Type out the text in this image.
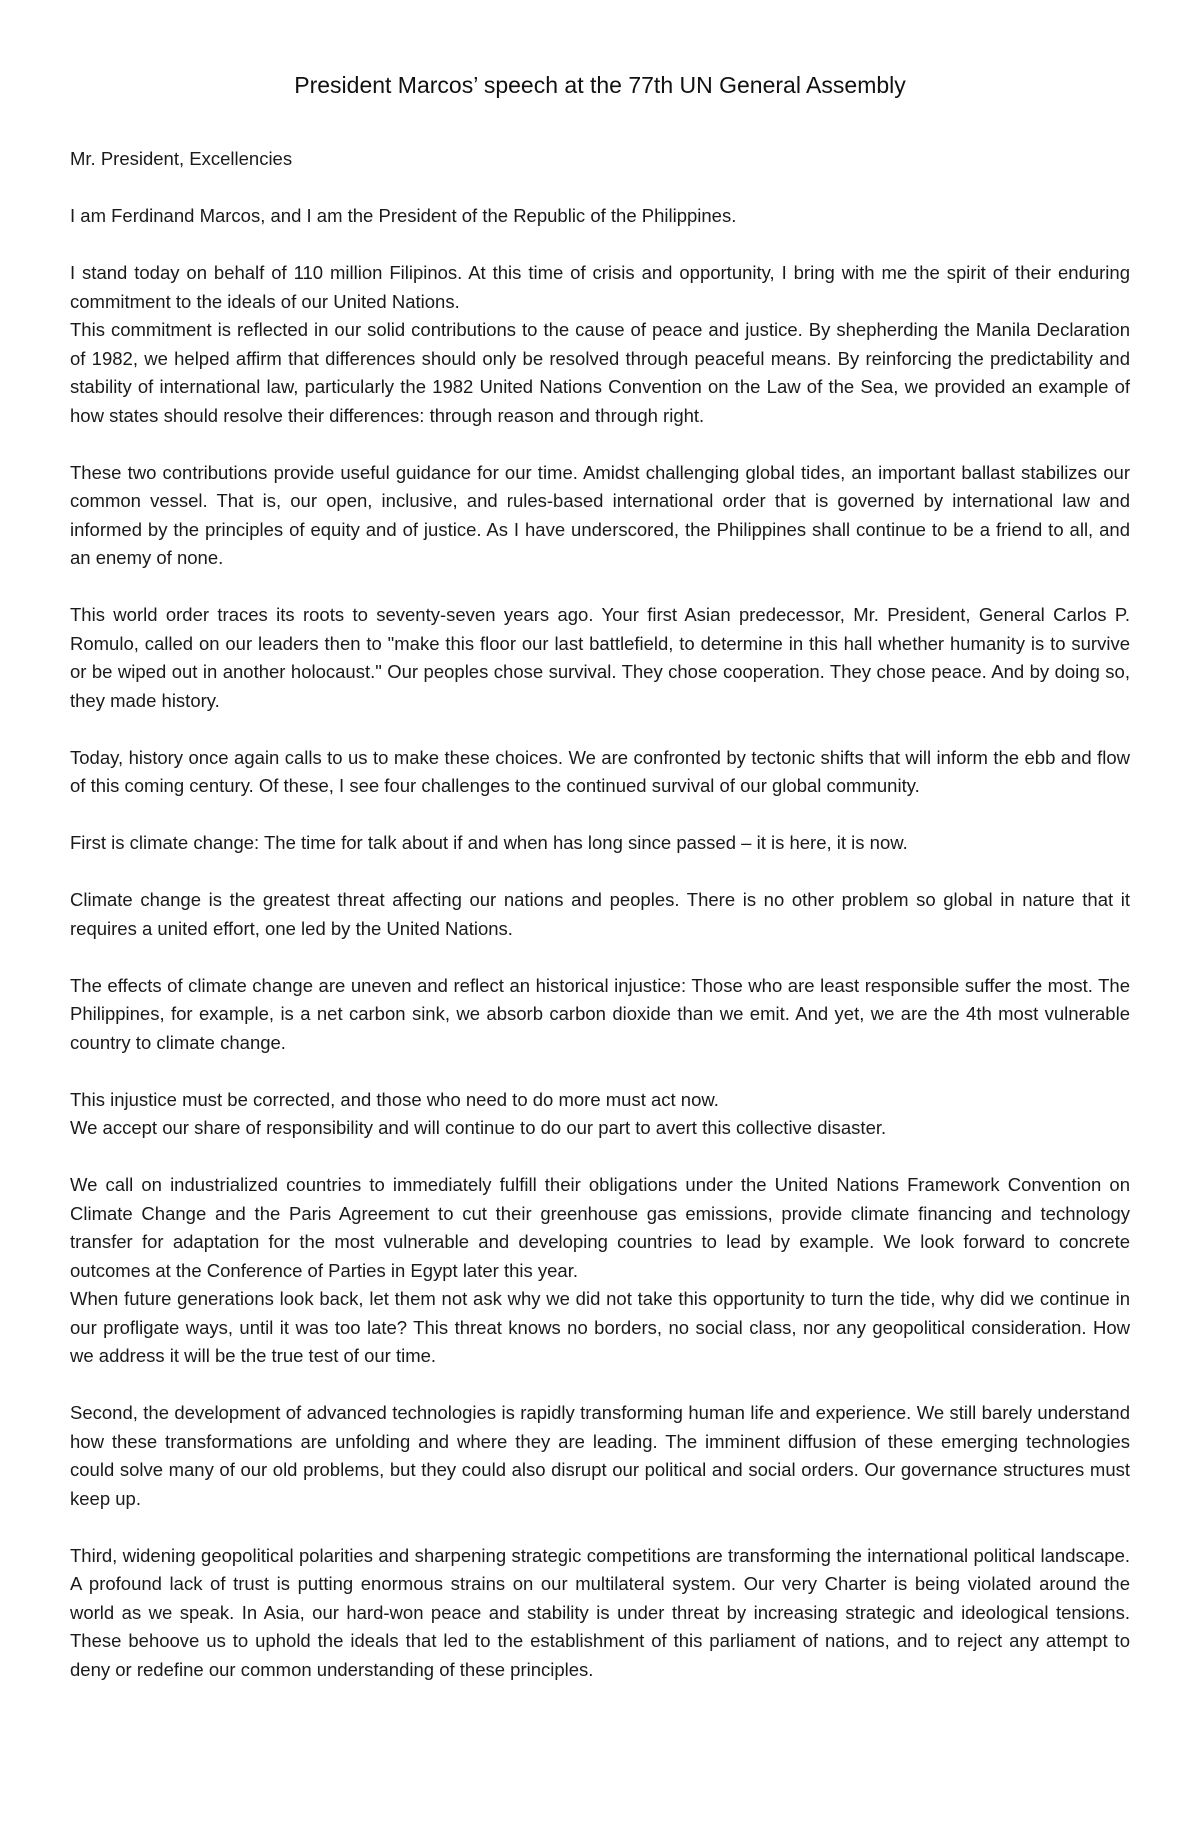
President Marcos’ speech at the 77th UN General Assembly

Mr. President, Excellencies

I am Ferdinand Marcos, and I am the President of the Republic of the Philippines.

I stand today on behalf of 110 million Filipinos. At this time of crisis and opportunity, I bring with me the spirit of their enduring commitment to the ideals of our United Nations.

This commitment is reflected in our solid contributions to the cause of peace and justice. By shepherding the Manila Declaration of 1982, we helped affirm that differences should only be resolved through peaceful means. By reinforcing the predictability and stability of international law, particularly the 1982 United Nations Convention on the Law of the Sea, we provided an example of how states should resolve their differences: through reason and through right.

These two contributions provide useful guidance for our time. Amidst challenging global tides, an important ballast stabilizes our common vessel. That is, our open, inclusive, and rules-based international order that is governed by international law and informed by the principles of equity and of justice. As I have underscored, the Philippines shall continue to be a friend to all, and an enemy of none.

This world order traces its roots to seventy-seven years ago. Your first Asian predecessor, Mr. President, General Carlos P. Romulo, called on our leaders then to "make this floor our last battlefield, to determine in this hall whether humanity is to survive or be wiped out in another holocaust." Our peoples chose survival. They chose cooperation. They chose peace. And by doing so, they made history.

Today, history once again calls to us to make these choices. We are confronted by tectonic shifts that will inform the ebb and flow of this coming century. Of these, I see four challenges to the continued survival of our global community.

First is climate change: The time for talk about if and when has long since passed – it is here, it is now.

Climate change is the greatest threat affecting our nations and peoples. There is no other problem so global in nature that it requires a united effort, one led by the United Nations.

The effects of climate change are uneven and reflect an historical injustice: Those who are least responsible suffer the most. The Philippines, for example, is a net carbon sink, we absorb carbon dioxide than we emit. And yet, we are the 4th most vulnerable country to climate change.

This injustice must be corrected, and those who need to do more must act now.

We accept our share of responsibility and will continue to do our part to avert this collective disaster.

We call on industrialized countries to immediately fulfill their obligations under the United Nations Framework Convention on Climate Change and the Paris Agreement to cut their greenhouse gas emissions, provide climate financing and technology transfer for adaptation for the most vulnerable and developing countries to lead by example. We look forward to concrete outcomes at the Conference of Parties in Egypt later this year.

When future generations look back, let them not ask why we did not take this opportunity to turn the tide, why did we continue in our profligate ways, until it was too late? This threat knows no borders, no social class, nor any geopolitical consideration. How we address it will be the true test of our time.

Second, the development of advanced technologies is rapidly transforming human life and experience. We still barely understand how these transformations are unfolding and where they are leading. The imminent diffusion of these emerging technologies could solve many of our old problems, but they could also disrupt our political and social orders. Our governance structures must keep up.

Third, widening geopolitical polarities and sharpening strategic competitions are transforming the international political landscape. A profound lack of trust is putting enormous strains on our multilateral system. Our very Charter is being violated around the world as we speak. In Asia, our hard-won peace and stability is under threat by increasing strategic and ideological tensions. These behoove us to uphold the ideals that led to the establishment of this parliament of nations, and to reject any attempt to deny or redefine our common understanding of these principles.
